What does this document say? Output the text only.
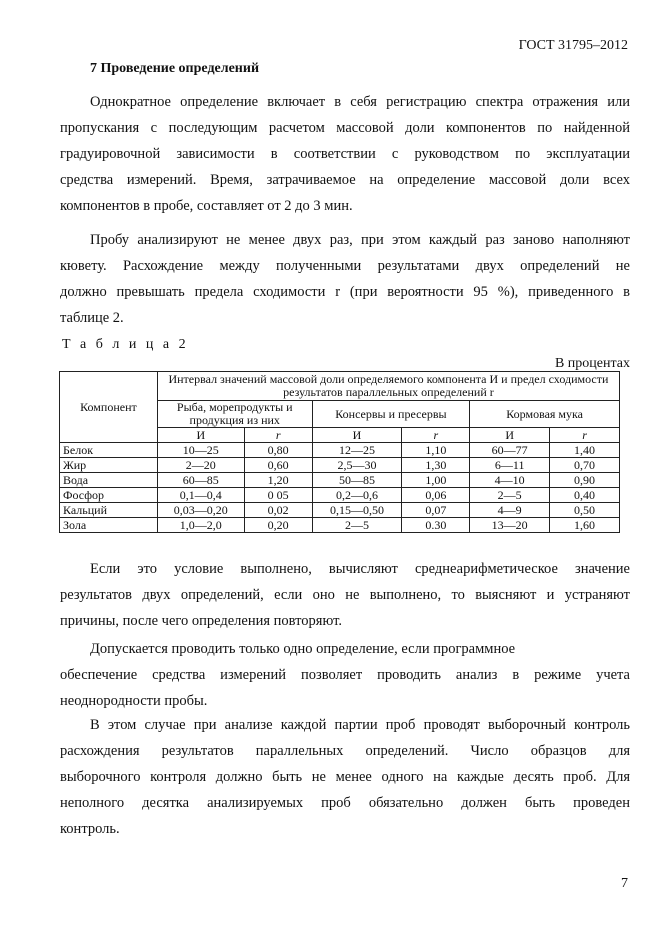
ГОСТ 31795–2012
7 Проведение определений

Однократное определение включает в себя регистрацию спектра отражения или
пропускания с последующим расчетом массовой доли компонентов по найденной
градуировочной зависимости в соответствии с руководством по эксплуатации
средства измерений. Время, затрачиваемое на определение массовой доли всех
компонентов в пробе, составляет от 2 до 3 мин.

Пробу анализируют не менее двух раз, при этом каждый раз заново наполняют
кювету. Расхождение между полученными результатами двух определений не
должно превышать предела сходимости r (при вероятности 95 %), приведенного в
таблице 2.

Т а б л и ц а 2
В процентах
Компонент	Интервал значений массовой доли определяемого компонента И и предел сходимости результатов параллельных определений r					
	Рыба, морепродукты и продукция из них		Консервы и пресервы		Кормовая мука	
	И	r	И	r	И	r
Белок	10—25	0,80	12—25	1,10	60—77	1,40
Жир	2—20	0,60	2,5—30	1,30	6—11	0,70
Вода	60—85	1,20	50—85	1,00	4—10	0,90
Фосфор	0,1—0,4	0 05	0,2—0,6	0,06	2—5	0,40
Кальций	0,03—0,20	0,02	0,15—0,50	0,07	4—9	0,50
Зола	1,0—2,0	0,20	2—5	0.30	13—20	1,60

Если это условие выполнено, вычисляют среднеарифметическое значение
результатов двух определений, если оно не выполнено, то выясняют и устраняют
причины, после чего определения повторяют.

Допускается проводить только одно определение, если программное
обеспечение средства измерений позволяет проводить анализ в режиме учета
неоднородности пробы.

В этом случае при анализе каждой партии проб проводят выборочный контроль
расхождения результатов параллельных определений. Число образцов для
выборочного контроля должно быть не менее одного на каждые десять проб. Для
неполного десятка анализируемых проб обязательно должен быть проведен
контроль.

7
